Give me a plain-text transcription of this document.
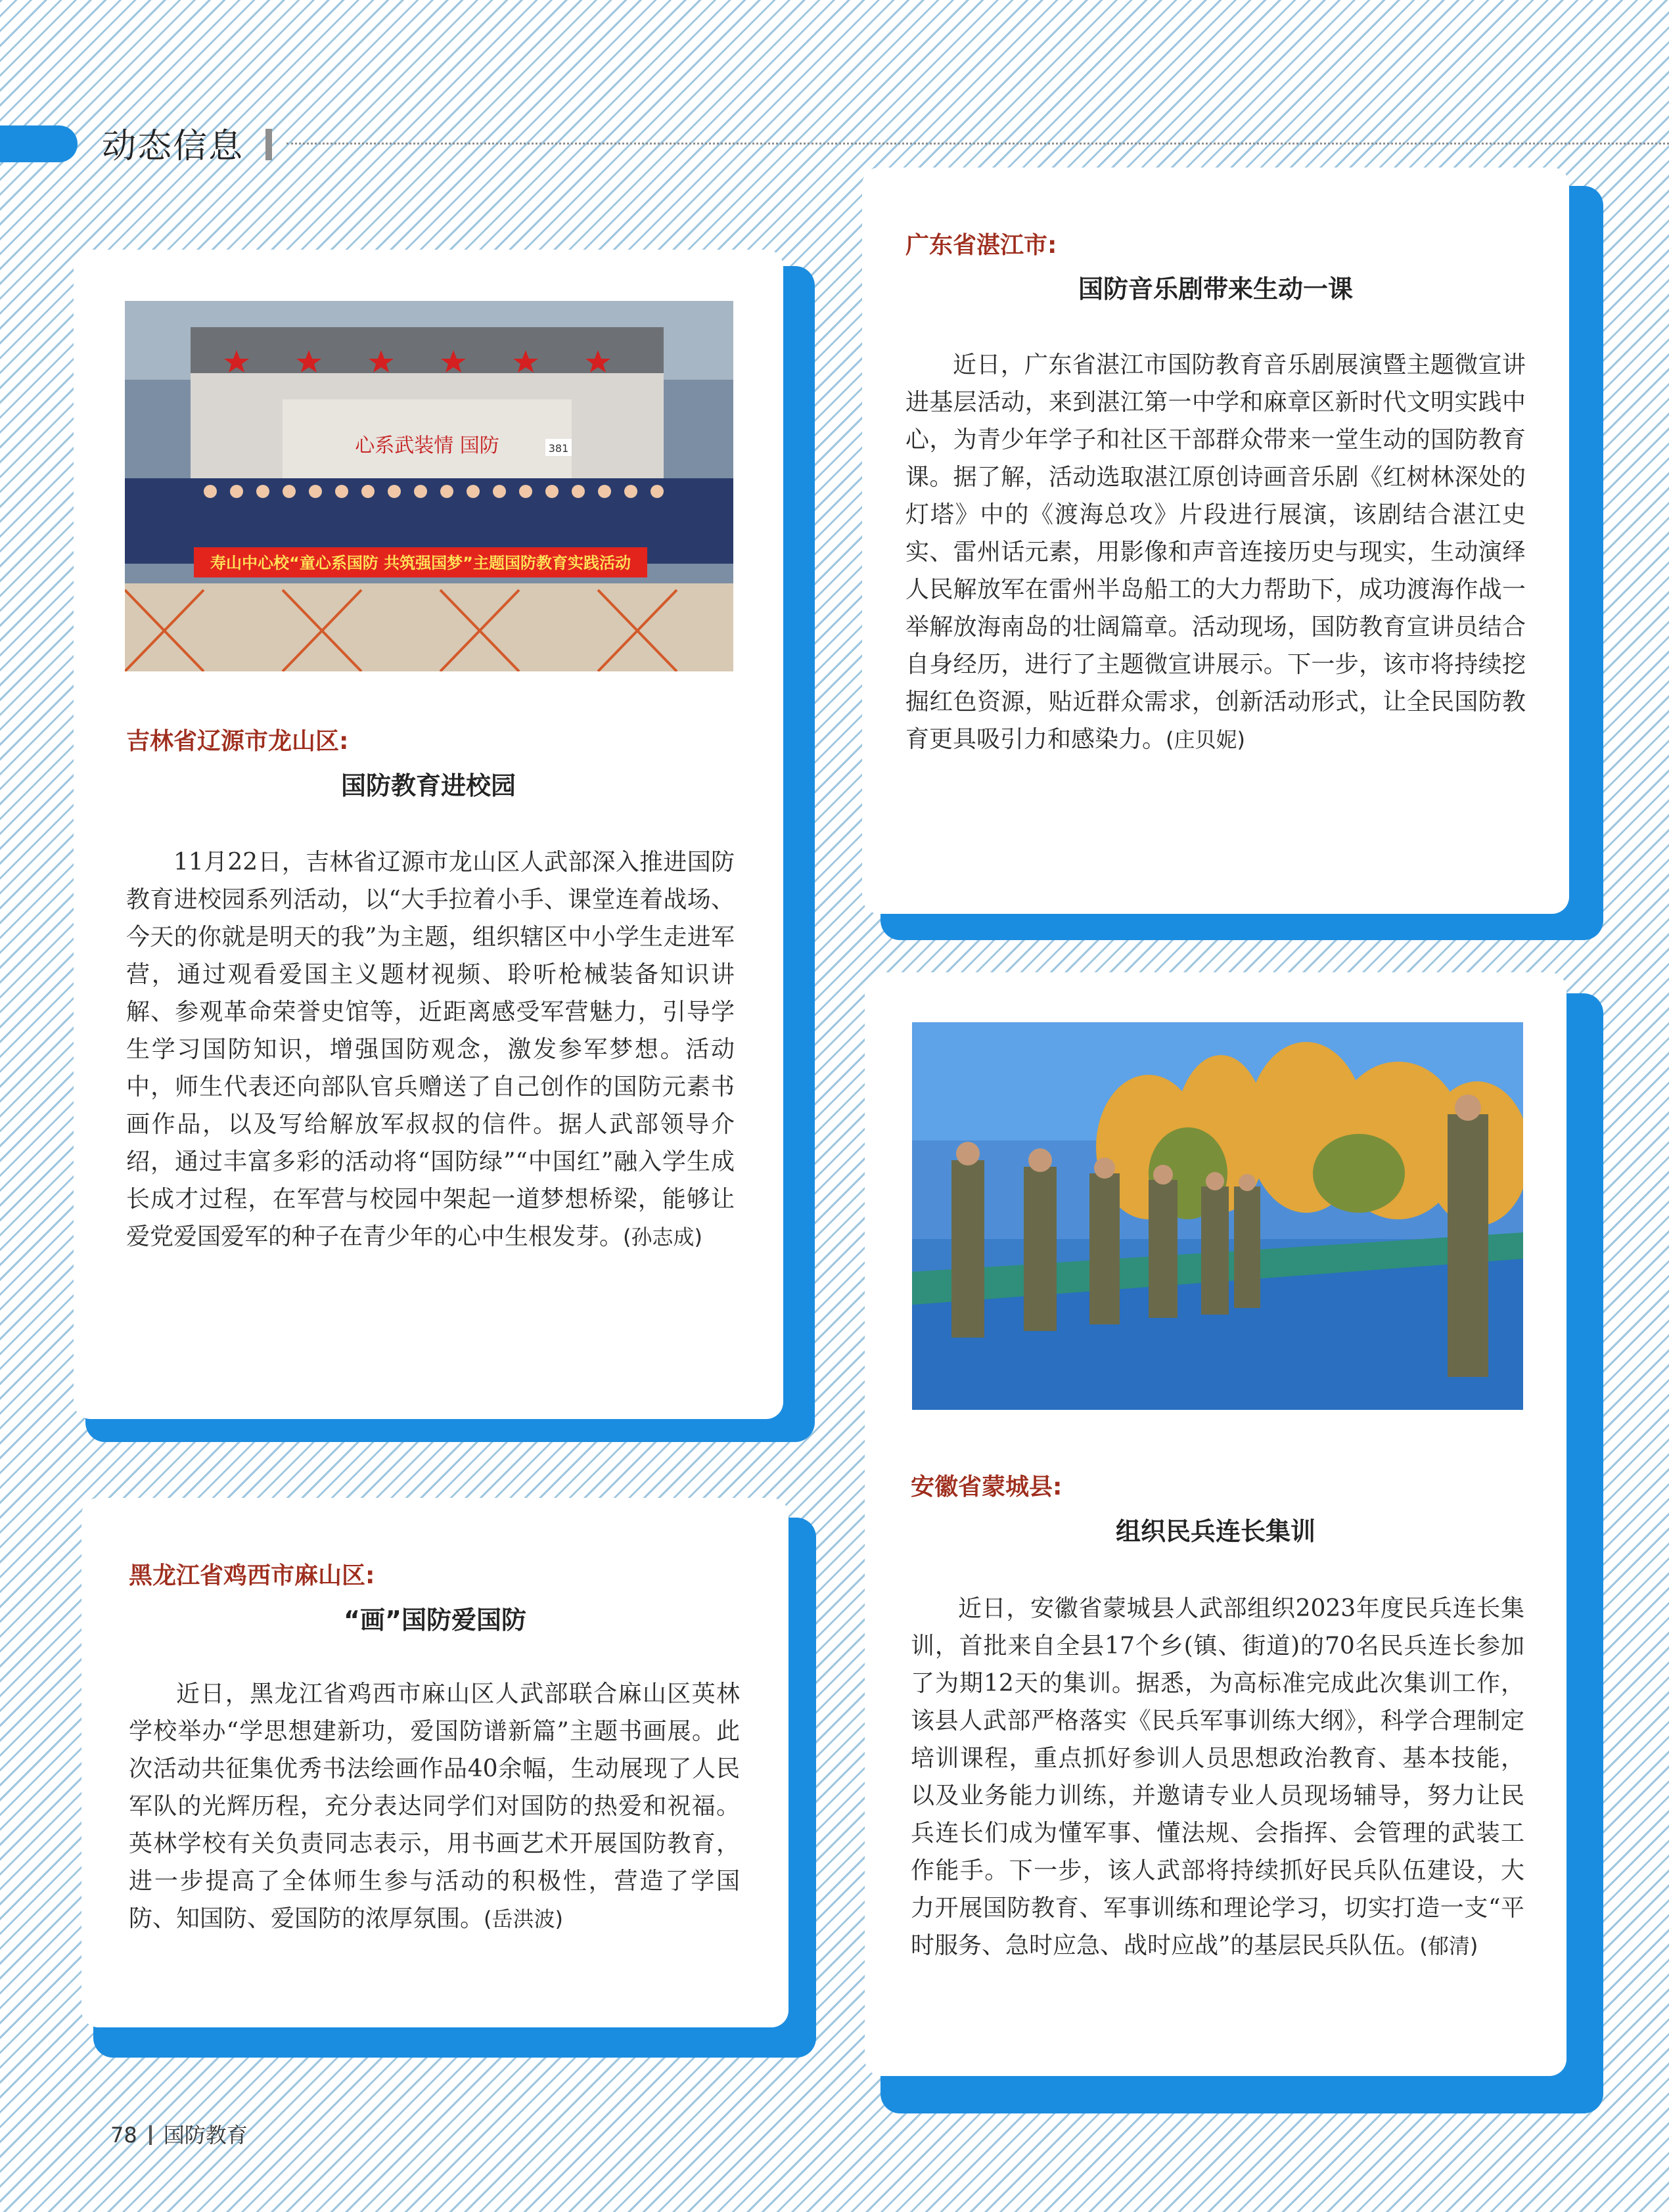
动态信息
心系武装情 国防	381
寿山中心校“童心系国防 共筑强国梦”主题国防教育实践活动
吉林省辽源市龙山区:
国防教育进校园

11月22日，吉林省辽源市龙山区人武部深入推进国防教育进校园系列活动，以“大手拉着小手、课堂连着战场、今天的你就是明天的我”为主题，组织辖区中小学生走进军营，通过观看爱国主义题材视频、聆听枪械装备知识讲解、参观革命荣誉史馆等，近距离感受军营魅力，引导学生学习国防知识，增强国防观念，激发参军梦想。活动中，师生代表还向部队官兵赠送了自己创作的国防元素书画作品，以及写给解放军叔叔的信件。据人武部领导介绍，通过丰富多彩的活动将“国防绿”“中国红”融入学生成长成才过程，在军营与校园中架起一道梦想桥梁，能够让爱党爱国爱军的种子在青少年的心中生根发芽。(孙志成)

黑龙江省鸡西市麻山区:
“画”国防爱国防

近日，黑龙江省鸡西市麻山区人武部联合麻山区英林学校举办“学思想建新功，爱国防谱新篇”主题书画展。此次活动共征集优秀书法绘画作品40余幅，生动展现了人民军队的光辉历程，充分表达同学们对国防的热爱和祝福。英林学校有关负责同志表示，用书画艺术开展国防教育，进一步提高了全体师生参与活动的积极性，营造了学国防、知国防、爱国防的浓厚氛围。(岳洪波)

广东省湛江市:
国防音乐剧带来生动一课

近日，广东省湛江市国防教育音乐剧展演暨主题微宣讲进基层活动，来到湛江第一中学和麻章区新时代文明实践中心，为青少年学子和社区干部群众带来一堂生动的国防教育课。据了解，活动选取湛江原创诗画音乐剧《红树林深处的灯塔》中的《渡海总攻》片段进行展演，该剧结合湛江史实、雷州话元素，用影像和声音连接历史与现实，生动演绎人民解放军在雷州半岛船工的大力帮助下，成功渡海作战一举解放海南岛的壮阔篇章。活动现场，国防教育宣讲员结合自身经历，进行了主题微宣讲展示。下一步，该市将持续挖掘红色资源，贴近群众需求，创新活动形式，让全民国防教育更具吸引力和感染力。(庄贝妮)

安徽省蒙城县:
组织民兵连长集训

近日，安徽省蒙城县人武部组织2023年度民兵连长集训，首批来自全县17个乡(镇、街道)的70名民兵连长参加了为期12天的集训。据悉，为高标准完成此次集训工作，该县人武部严格落实《民兵军事训练大纲》，科学合理制定培训课程，重点抓好参训人员思想政治教育、基本技能，以及业务能力训练，并邀请专业人员现场辅导，努力让民兵连长们成为懂军事、懂法规、会指挥、会管理的武装工作能手。下一步，该人武部将持续抓好民兵队伍建设，大力开展国防教育、军事训练和理论学习，切实打造一支“平时服务、急时应急、战时应战”的基层民兵队伍。(郁清)

78 国防教育
